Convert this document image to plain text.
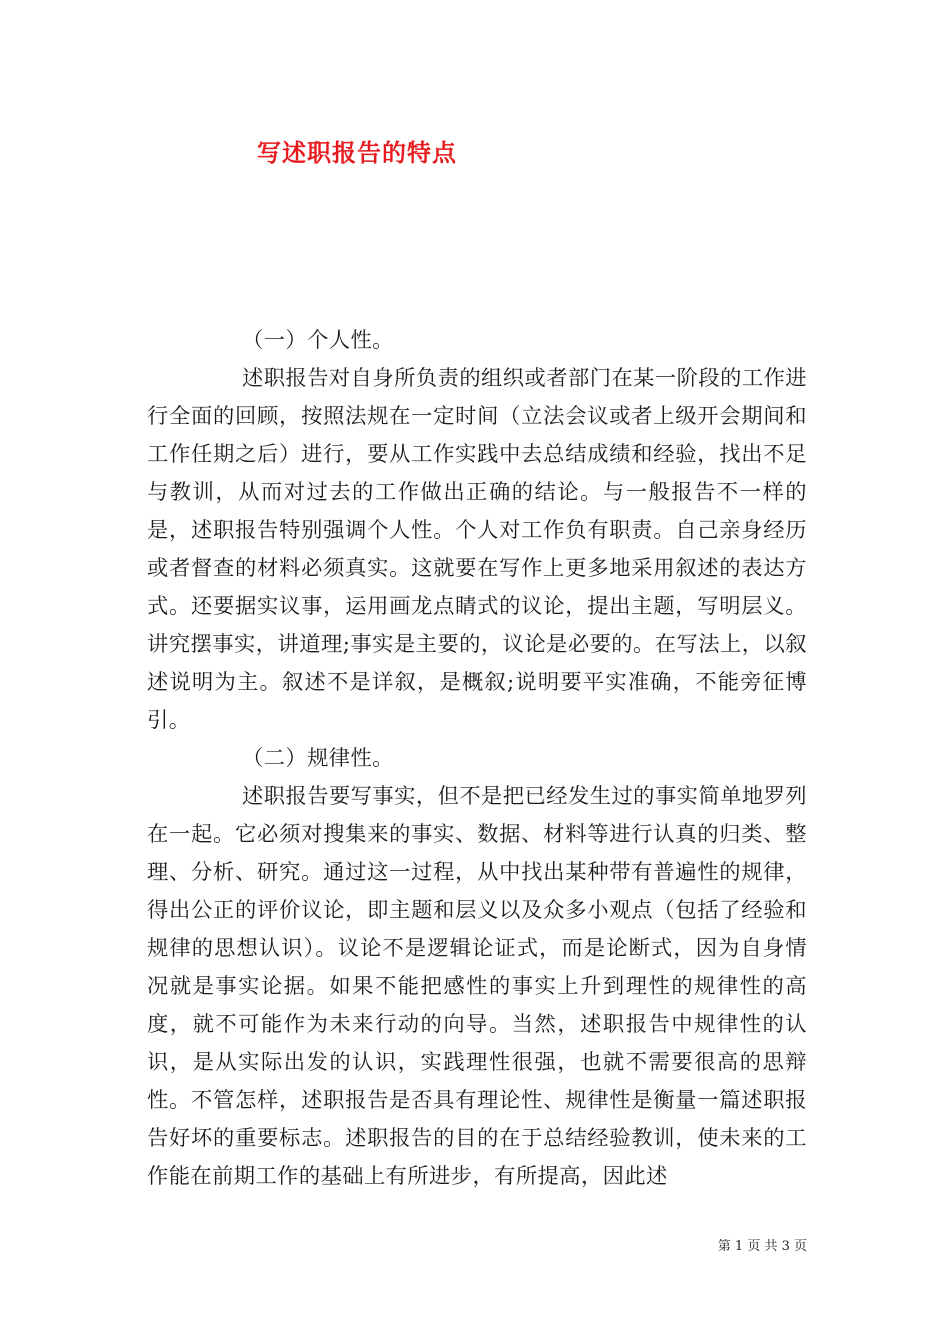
写述职报告的特点

（一）个人性。

述职报告对自身所负责的组织或者部门在某一阶段的工作进行全面的回顾，按照法规在一定时间（立法会议或者上级开会期间和工作任期之后）进行，要从工作实践中去总结成绩和经验，找出不足与教训，从而对过去的工作做出正确的结论。与一般报告不一样的是，述职报告特别强调个人性。个人对工作负有职责。自己亲身经历或者督查的材料必须真实。这就要在写作上更多地采用叙述的表达方式。还要据实议事，运用画龙点睛式的议论，提出主题，写明层义。讲究摆事实，讲道理;事实是主要的，议论是必要的。在写法上，以叙述说明为主。叙述不是详叙，是概叙;说明要平实准确，不能旁征博引。

（二）规律性。

述职报告要写事实，但不是把已经发生过的事实简单地罗列在一起。它必须对搜集来的事实、数据、材料等进行认真的归类、整理、分析、研究。通过这一过程，从中找出某种带有普遍性的规律，得出公正的评价议论，即主题和层义以及众多小观点（包括了经验和规律的思想认识）。议论不是逻辑论证式，而是论断式，因为自身情况就是事实论据。如果不能把感性的事实上升到理性的规律性的高度，就不可能作为未来行动的向导。当然，述职报告中规律性的认识，是从实际出发的认识，实践理性很强，也就不需要很高的思辩性。不管怎样，述职报告是否具有理论性、规律性是衡量一篇述职报告好坏的重要标志。述职报告的目的在于总结经验教训，使未来的工作能在前期工作的基础上有所进步，有所提高，因此述

第 1 页 共 3 页
